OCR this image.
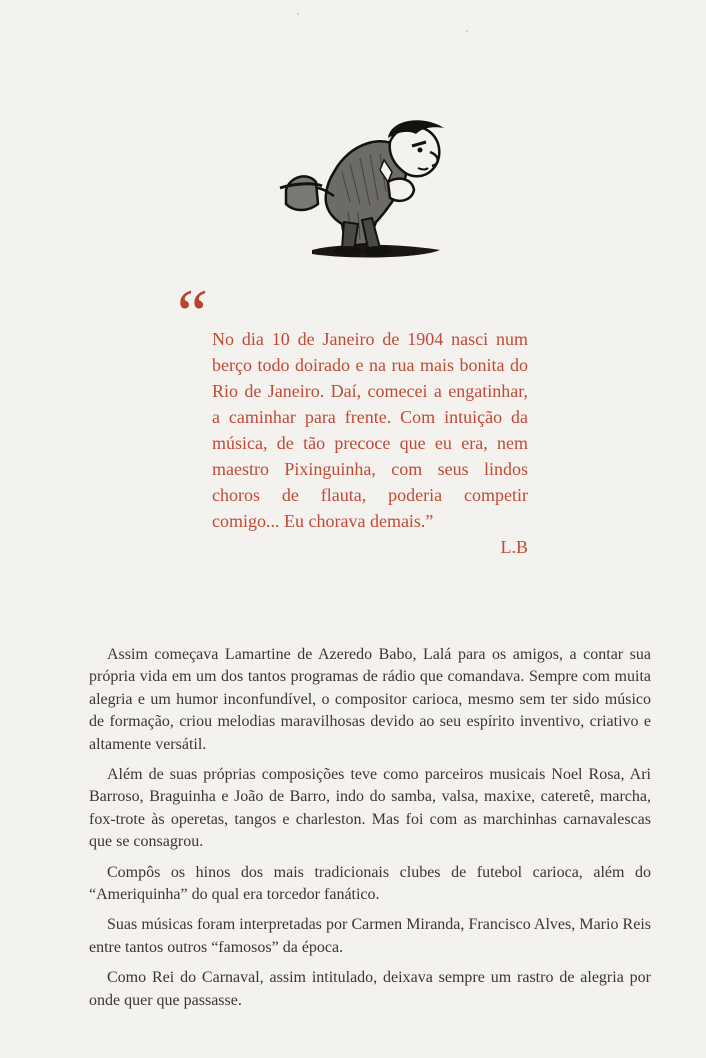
“ No dia 10 de Janeiro de 1904 nasci num berço todo doirado e na rua mais bonita do Rio de Janeiro. Daí, comecei a engatinhar, a caminhar para frente. Com intuição da música, de tão precoce que eu era, nem maestro Pixinguinha, com seus lindos choros de flauta, poderia competir comigo... Eu chorava demais.”

L.B

Assim começava Lamartine de Azeredo Babo, Lalá para os amigos, a contar sua própria vida em um dos tantos programas de rádio que comandava. Sempre com muita alegria e um humor inconfundível, o compositor carioca, mesmo sem ter sido músico de formação, criou melodias maravilhosas devido ao seu espírito inventivo, criativo e altamente versátil.

Além de suas próprias composições teve como parceiros musicais Noel Rosa, Ari Barroso, Braguinha e João de Barro, indo do samba, valsa, maxixe, cateretê, marcha, fox-trote às operetas, tangos e charleston. Mas foi com as marchinhas carnavalescas que se consagrou.

Compôs os hinos dos mais tradicionais clubes de futebol carioca, além do “Ameriquinha” do qual era torcedor fanático.

Suas músicas foram interpretadas por Carmen Miranda, Francisco Alves, Mario Reis entre tantos outros “famosos” da época.

Como Rei do Carnaval, assim intitulado, deixava sempre um rastro de alegria por onde quer que passasse.
